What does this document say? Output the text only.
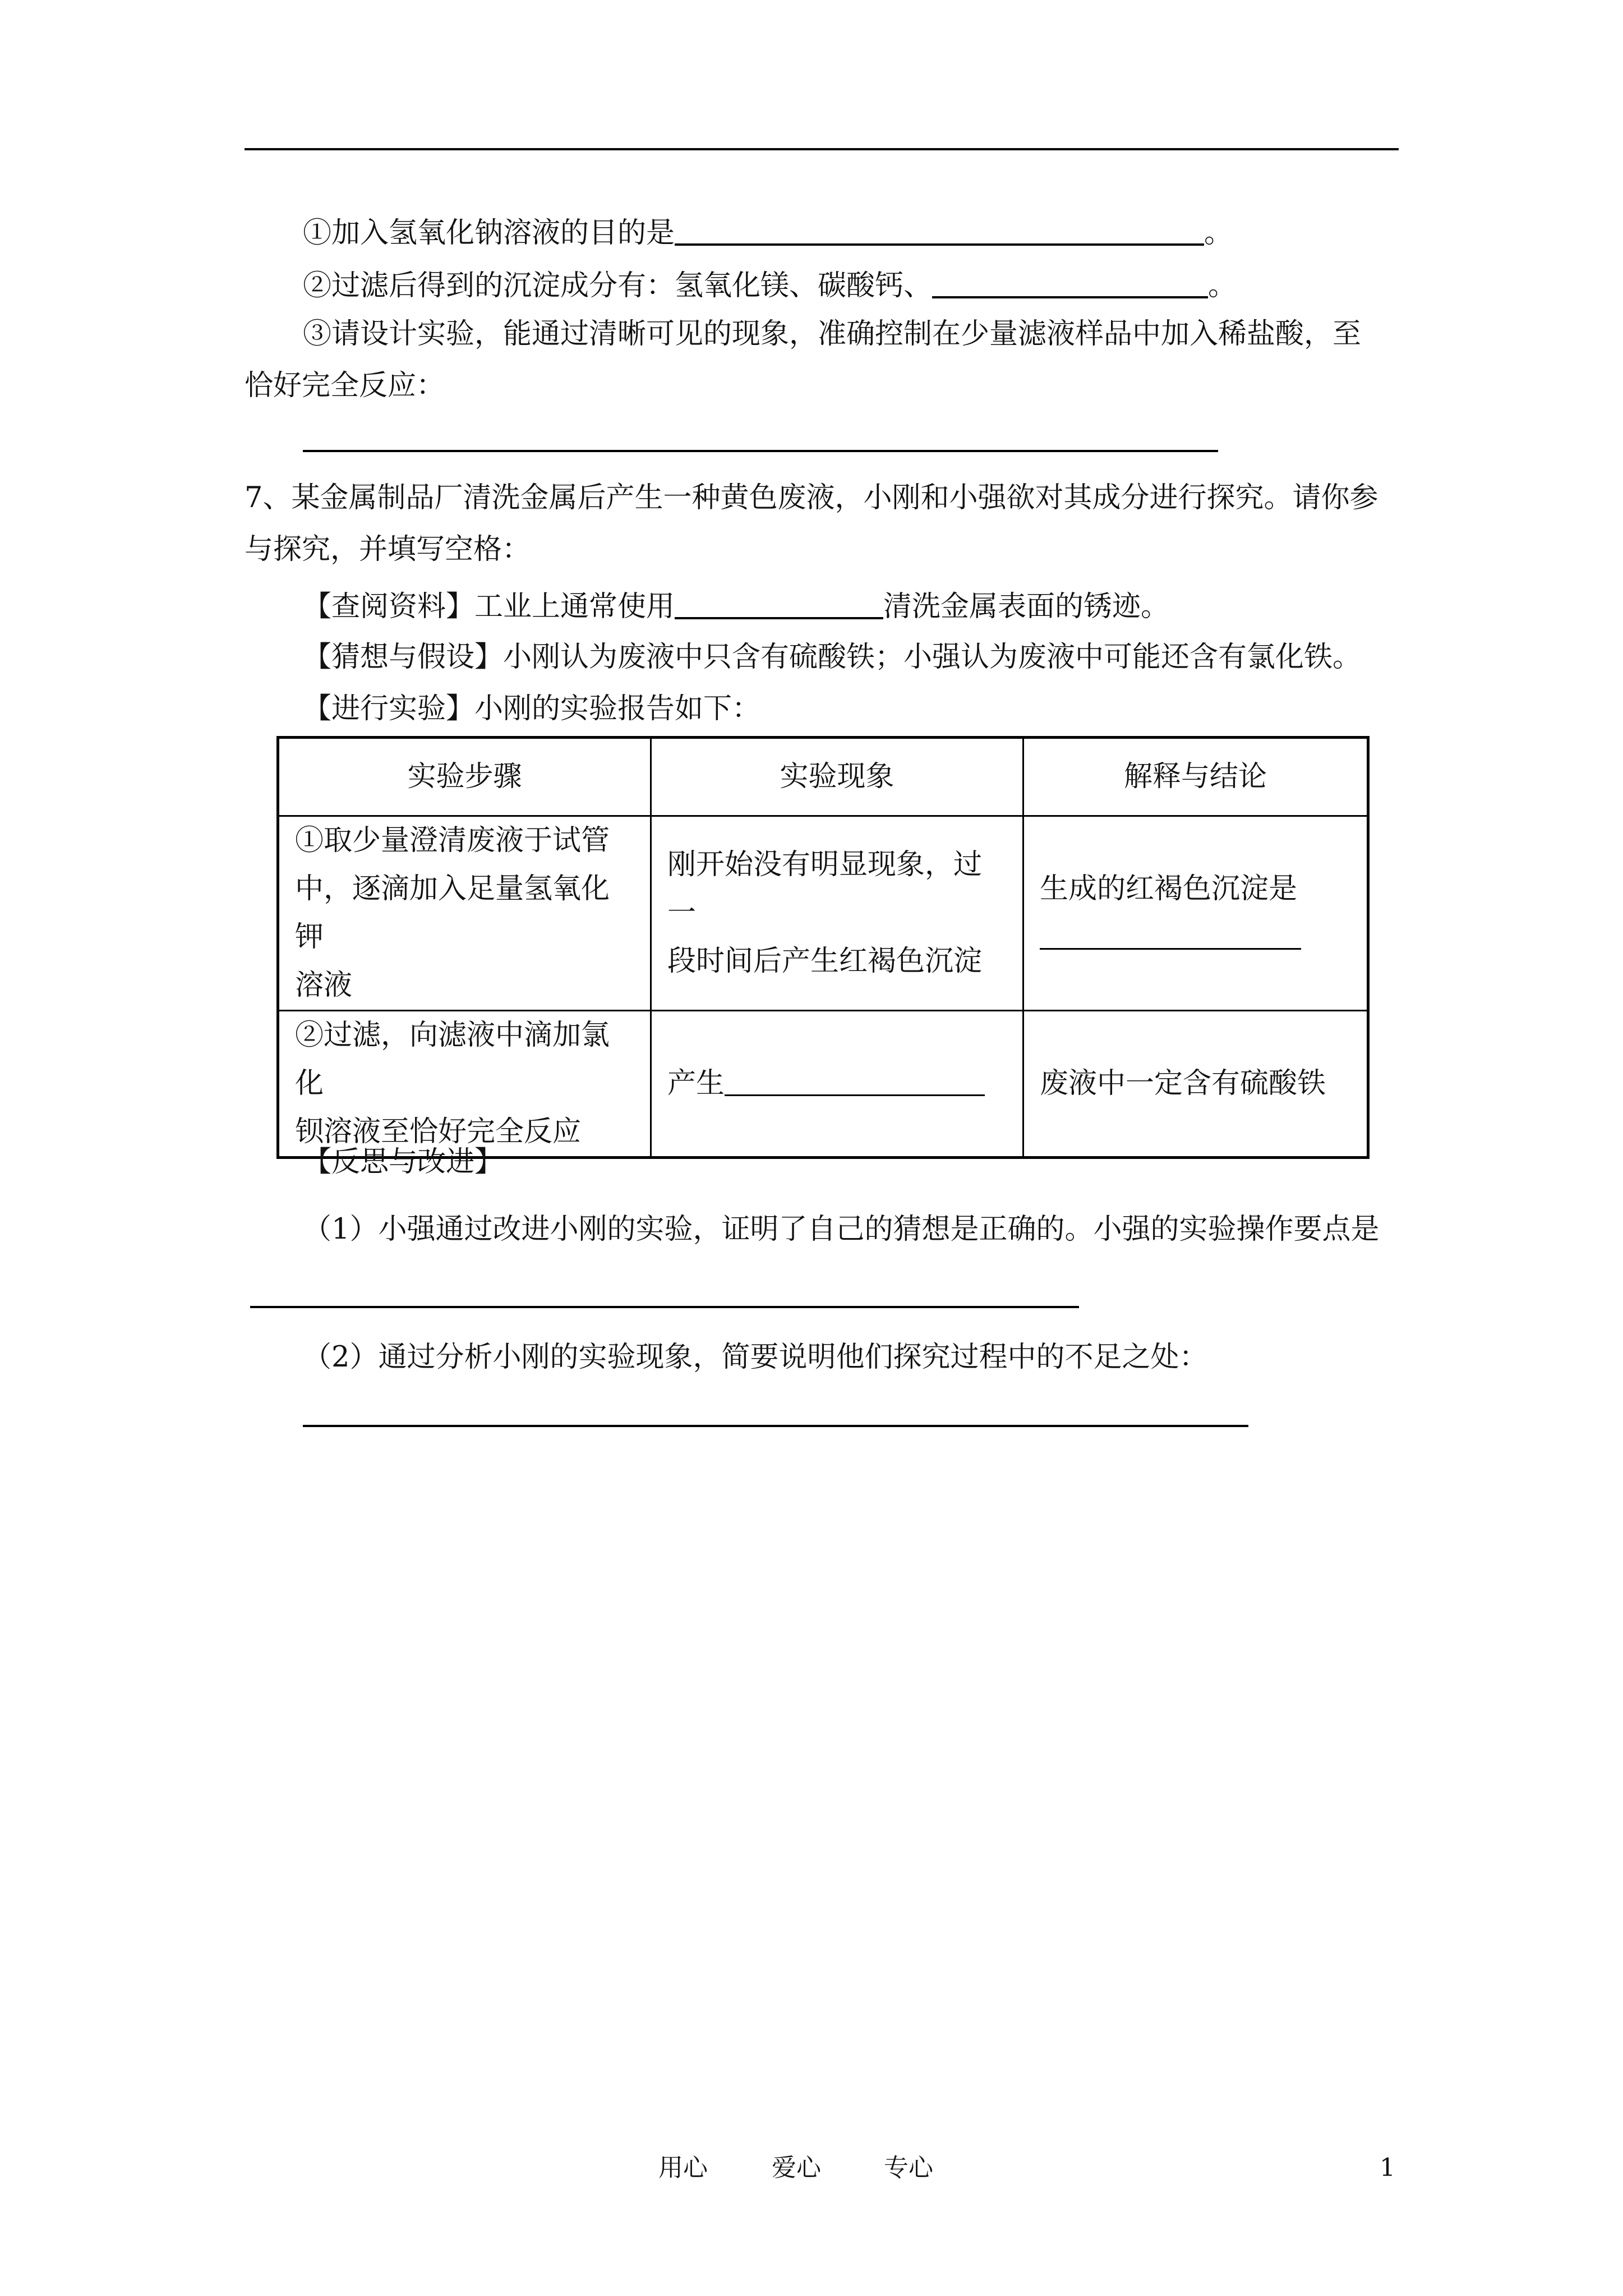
①加入氢氧化钠溶液的目的是	。
②过滤后得到的沉淀成分有：氢氧化镁、碳酸钙、	。
③请设计实验，能通过清晰可见的现象，准确控制在少量滤液样品中加入稀盐酸，至
恰好完全反应：
7、某金属制品厂清洗金属后产生一种黄色废液，小刚和小强欲对其成分进行探究。请你参
与探究，并填写空格：
【查阅资料】工业上通常使用	清洗金属表面的锈迹。
【猜想与假设】小刚认为废液中只含有硫酸铁；小强认为废液中可能还含有氯化铁。
【进行实验】小刚的实验报告如下：
实验步骤	实验现象	解释与结论
①取少量澄清废液于试管
中，逐滴加入足量氢氧化钾
溶液	刚开始没有明显现象，过一
段时间后产生红褐色沉淀	生成的红褐色沉淀是

②过滤，向滤液中滴加氯化
钡溶液至恰好完全反应	产生	废液中一定含有硫酸铁
【反思与改进】
（1）小强通过改进小刚的实验，证明了自己的猜想是正确的。小强的实验操作要点是
（2）通过分析小刚的实验现象，简要说明他们探究过程中的不足之处：
用心	爱心	专心	1
